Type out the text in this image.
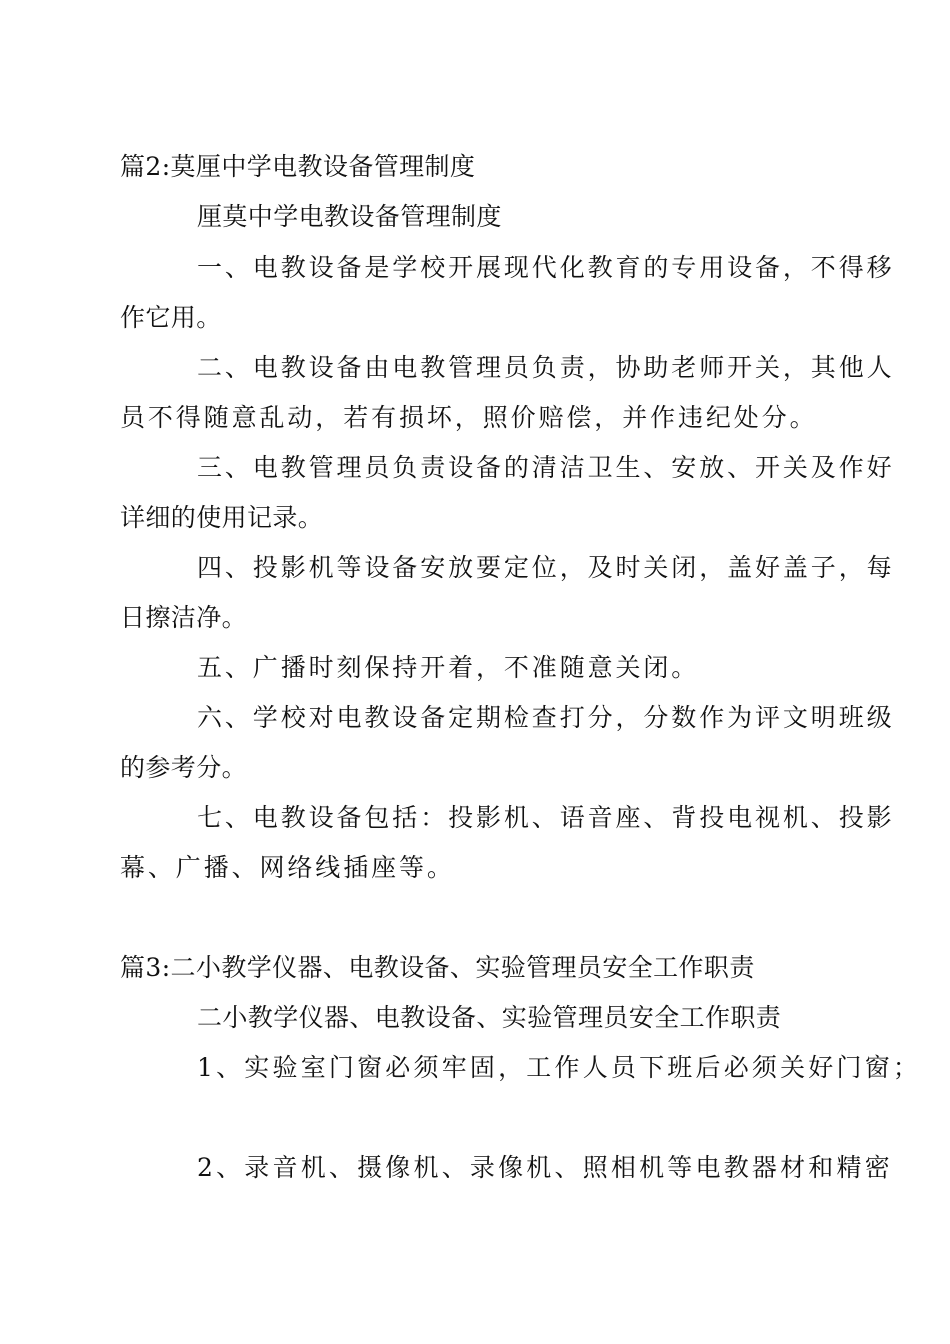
篇2:莫厘中学电教设备管理制度
厘莫中学电教设备管理制度
一、电教设备是学校开展现代化教育的专用设备，不得移
作它用。
二、电教设备由电教管理员负责，协助老师开关，其他人
员不得随意乱动，若有损坏，照价赔偿，并作违纪处分。
三、电教管理员负责设备的清洁卫生、安放、开关及作好
详细的使用记录。
四、投影机等设备安放要定位，及时关闭，盖好盖子，每
日擦洁净。
五、广播时刻保持开着，不准随意关闭。
六、学校对电教设备定期检查打分，分数作为评文明班级
的参考分。
七、电教设备包括：投影机、语音座、背投电视机、投影
幕、广播、网络线插座等。
篇3:二小教学仪器、电教设备、实验管理员安全工作职责
二小教学仪器、电教设备、实验管理员安全工作职责
1、实验室门窗必须牢固，工作人员下班后必须关好门窗；
2、录音机、摄像机、录像机、照相机等电教器材和精密
